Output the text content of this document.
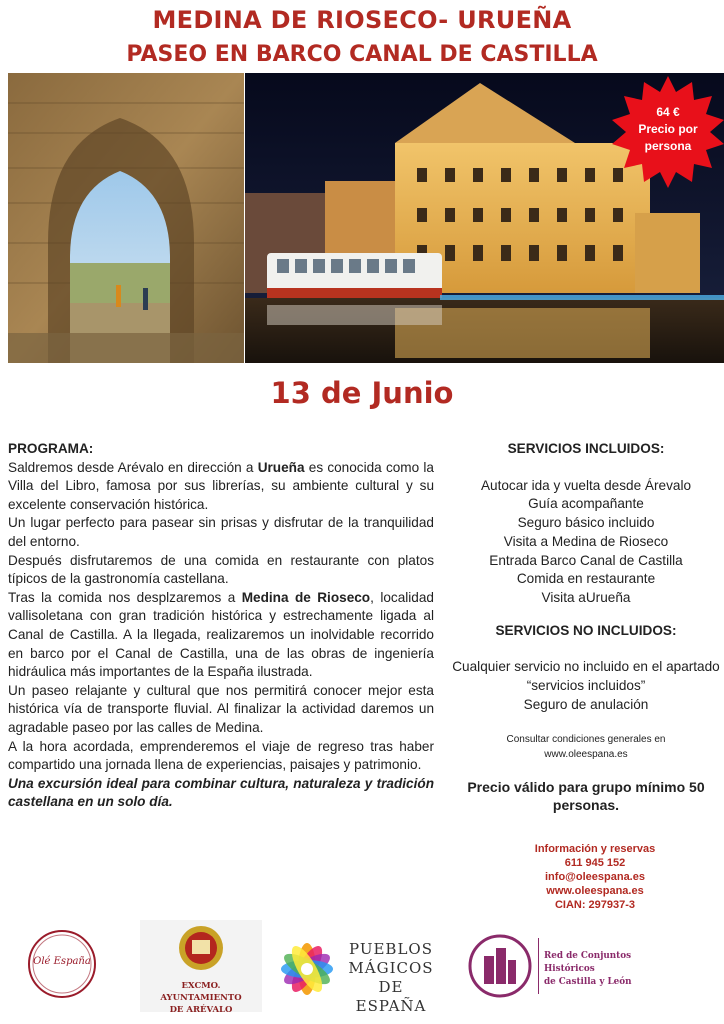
MEDINA DE RIOSECO- URUEÑA
PASEO EN BARCO CANAL DE CASTILLA
64 €
Precio por
persona
13 de Junio

PROGRAMA:

Saldremos desde Arévalo en dirección a Urueña es conocida como la Villa del Libro, famosa por sus librerías, su ambiente cultural y su excelente conservación histórica.

Un lugar perfecto para pasear sin prisas y disfrutar de la tranquilidad del entorno.

Después disfrutaremos de una comida en restaurante con platos típicos de la gastronomía castellana.

Tras la comida nos desplzaremos a Medina de Rioseco, localidad vallisoletana con gran tradición histórica y estrechamente ligada al Canal de Castilla. A la llegada, realizaremos un inolvidable recorrido en barco por el Canal de Castilla, una de las obras de ingeniería hidráulica más importantes de la España ilustrada.

Un paseo relajante y cultural que nos permitirá conocer mejor esta histórica vía de transporte fluvial. Al finalizar la actividad daremos un agradable paseo por las calles de Medina.

A la hora acordada, emprenderemos el viaje de regreso tras haber compartido una jornada llena de experiencias, paisajes y patrimonio.

Una excursión ideal para combinar cultura, naturaleza y tradición castellana en un solo día.

SERVICIOS INCLUIDOS:

Autocar ida y vuelta desde Árevalo
Guía acompañante
Seguro básico incluido
Visita a Medina de Rioseco
Entrada Barco Canal de Castilla
Comida en restaurante
Visita aUrueña

SERVICIOS NO INCLUIDOS:

Cualquier servicio no incluido en el apartado “servicios incluidos”
Seguro de anulación
Consultar condiciones generales en
www.oleespana.es
Precio válido para grupo mínimo 50 personas.
Información y reservas
611 945 152
info@oleespana.es
www.oleespana.es
CIAN: 297937-3
Olé España
EXCMO. AYUNTAMIENTO
DE ARÉVALO
PUEBLOS
MÁGICOS
DE ESPAÑA
Red de Conjuntos Históricos
de Castilla y León
